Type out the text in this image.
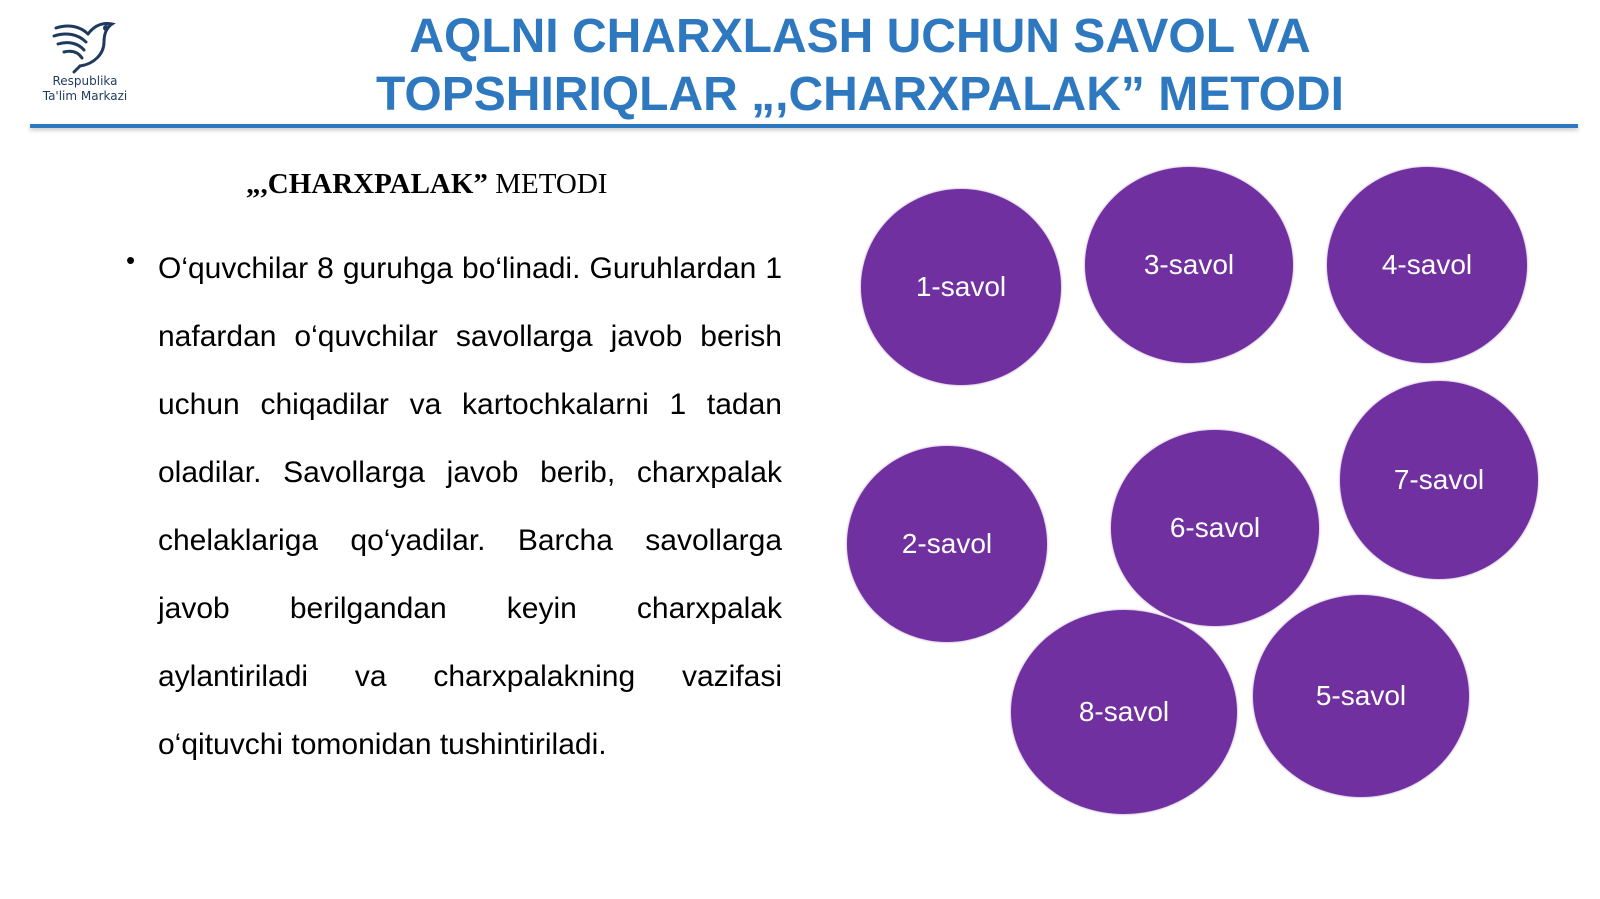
Respublika
Ta'lim Markazi
AQLNI CHARXLASH UCHUN SAVOL VA
TOPSHIRIQLAR „,CHARXPALAK” METODI
„,CHARXPALAK” METODI
• O‘quvchilar 8 guruhga bo‘linadi. Guruhlardan 1 nafardan o‘quvchilar savollarga javob berish uchun chiqadilar va kartochkalarni 1 tadan oladilar. Savollarga javob berib, charxpalak chelaklariga qo‘yadilar. Barcha savollarga javob berilgandan keyin charxpalak aylantiriladi va charxpalakning vazifasi o‘qituvchi tomonidan tushintiriladi.
1-savol
3-savol	4-savol
7-savol
2-savol
6-savol
8-savol
5-savol
